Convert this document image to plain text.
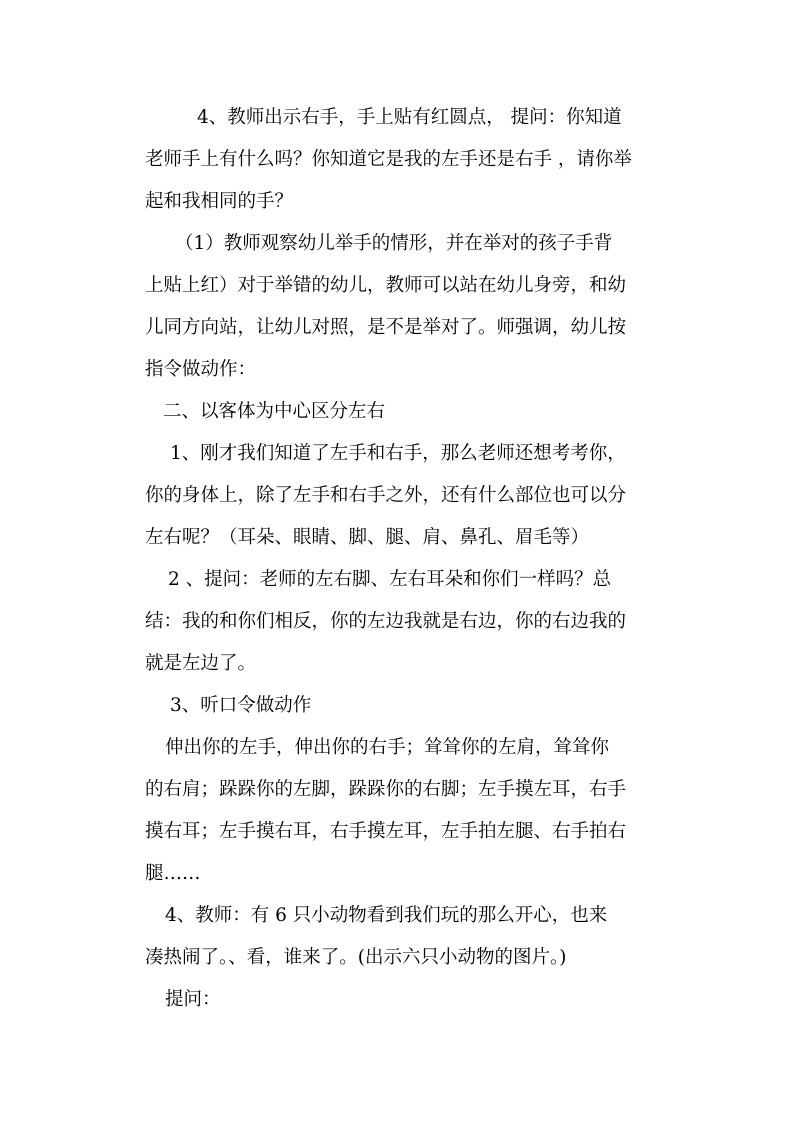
4、教师出示右手，手上贴有红圆点， 提问：你知道
老师手上有什么吗？你知道它是我的左手还是右手 ，请你举
起和我相同的手？
（1）教师观察幼儿举手的情形，并在举对的孩子手背
上贴上红）对于举错的幼儿，教师可以站在幼儿身旁，和幼
儿同方向站，让幼儿对照，是不是举对了。师强调，幼儿按
指令做动作：
二、以客体为中心区分左右
1、刚才我们知道了左手和右手，那么老师还想考考你，
你的身体上，除了左手和右手之外，还有什么部位也可以分
左右呢？（耳朵、眼睛、脚、腿、肩、鼻孔、眉毛等）
2 、提问：老师的左右脚、左右耳朵和你们一样吗？总
结：我的和你们相反，你的左边我就是右边，你的右边我的
就是左边了。
3、听口令做动作
伸出你的左手，伸出你的右手；耸耸你的左肩，耸耸你
的右肩；跺跺你的左脚，跺跺你的右脚；左手摸左耳，右手
摸右耳；左手摸右耳，右手摸左耳，左手拍左腿、右手拍右
腿……
4、教师：有 6 只小动物看到我们玩的那么开心，也来
凑热闹了。、看，谁来了。(出示六只小动物的图片。)
提问：
